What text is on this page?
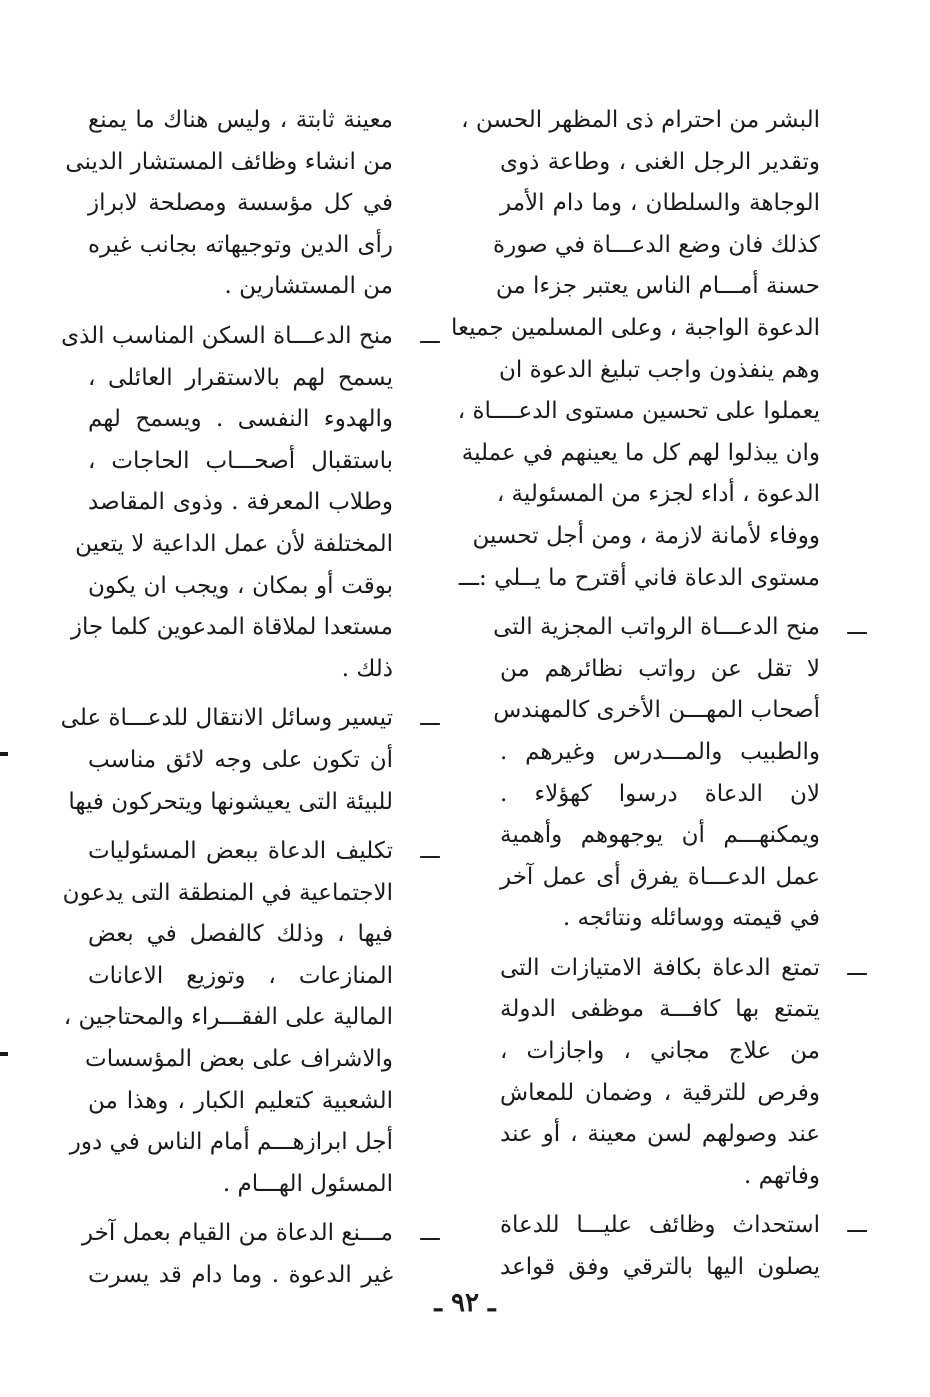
البشر من احترام ذى المظهر الحسن ،
وتقدير الرجل الغنى ، وطاعة ذوى
الوجاهة والسلطان ، وما دام الأمر
كذلك فان وضع الدعـــاة في صورة
حسنة أمـــام الناس يعتبر جزءا من
الدعوة الواجبة ، وعلى المسلمين جميعا
وهم ينفذون واجب تبليغ الدعوة ان
يعملوا على تحسين مستوى الدعــــاة ،
وان يبذلوا لهم كل ما يعينهم في عملية
الدعوة ، أداء لجزء من المسئولية ،
ووفاء لأمانة لازمة ، ومن أجل تحسين
مستوى الدعاة فاني أقترح ما يــلي :ـــ
ـــ
منح الدعـــاة الرواتب المجزية التى
لا تقل عن رواتب نظائرهم من
أصحاب المهـــن الأخرى كالمهندس
والطبيب والمـــدرس وغيرهم .
لان الدعاة درسوا كهؤلاء .
ويمكنهـــم أن يوجهوهم وأهمية
عمل الدعـــاة يفرق أى عمل آخر
في قيمته ووسائله ونتائجه .
ـــ
تمتع الدعاة بكافة الامتيازات التى
يتمتع بها كافـــة موظفى الدولة
من علاج مجاني ، واجازات ،
وفرص للترقية ، وضمان للمعاش
عند وصولهم لسن معينة ، أو عند
وفاتهم .
ـــ
استحداث وظائف عليـــا للدعاة
يصلون اليها بالترقي وفق قواعد
معينة ثابتة ، وليس هناك ما يمنع
من انشاء وظائف المستشار الدينى
في كل مؤسسة ومصلحة لابراز
رأى الدين وتوجيهاته بجانب غيره
من المستشارين .
ـــ
منح الدعـــاة السكن المناسب الذى
يسمح لهم بالاستقرار العائلى ،
والهدوء النفسى . ويسمح لهم
باستقبال أصحـــاب الحاجات ،
وطلاب المعرفة . وذوى المقاصد
المختلفة لأن عمل الداعية لا يتعين
بوقت أو بمكان ، ويجب ان يكون
مستعدا لملاقاة المدعوين كلما جاز
ذلك .
ـــ
تيسير وسائل الانتقال للدعـــاة على
أن تكون على وجه لائق مناسب
للبيئة التى يعيشونها ويتحركون فيها
ـــ
تكليف الدعاة ببعض المسئوليات
الاجتماعية في المنطقة التى يدعون
فيها ، وذلك كالفصل في بعض
المنازعات ، وتوزيع الاعانات
المالية على الفقـــراء والمحتاجين ،
والاشراف على بعض المؤسسات
الشعبية كتعليم الكبار ، وهذا من
أجل ابرازهـــم أمام الناس في دور
المسئول الهـــام .
ـــ
مـــنع الدعاة من القيام بعمل آخر
غير الدعوة . وما دام قد يسرت
ـ ٩٢ ـ
